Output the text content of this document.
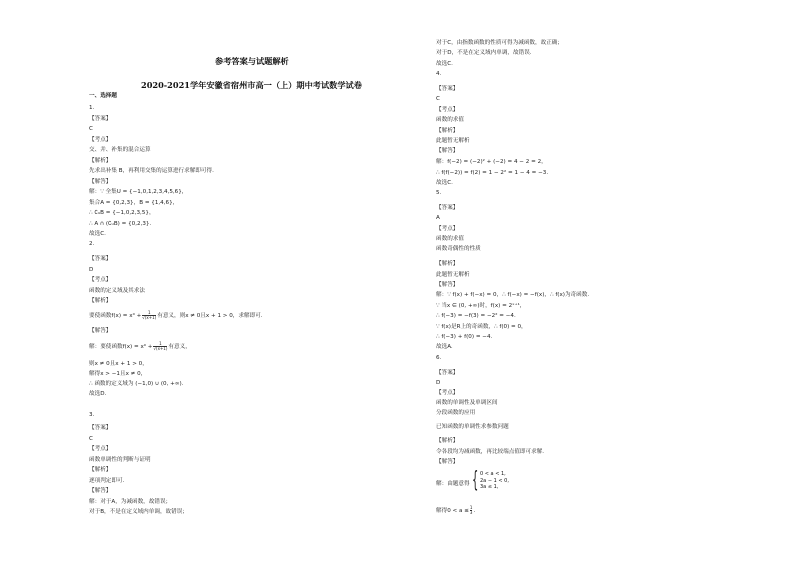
参考答案与试题解析
2020-2021学年安徽省宿州市高一（上）期中考试数学试卷
一、选择题
1.
【答案】
C
【考点】
交、并、补集的混合运算
【解析】
先求出补集 B，再利用交集的运算进行求解即可得.
【解答】
解：∵ 全集U = {−1,0,1,2,3,4,5,6}，
集合A = {0,2,3}，B = {1,4,6}，
∴ ∁ᵤB = {−1,0,2,3,5}，
∴ A ∩ (∁ᵤB) = {0,2,3}.
故选C.
2.
【答案】
D
【考点】
函数的定义域及其求法
【解析】
要使函数$f(x) = x^0 + \frac{1}{√(x+1)}$ 有意义，则x ≠ 0且x + 1 > 0，求解即可.
【解答】
解：要使函数$f(x) = x^0 + \frac{1}{√(x+1)}$ 有意义，
则x ≠ 0且x + 1 > 0，
解得x > −1且x ≠ 0，
∴ 函数的定义域为 (−1,0) ∪ (0, +∞).
故选D.
3.
【答案】
C
【考点】
函数单调性的判断与证明
【解析】
逐项判定即可.
【解答】
解：对于A，为减函数，故错误；
对于B，不是在定义域内单调，故错误；
对于C，由指数函数的性质可得为减函数，故正确；
对于D，不是在定义域内单调，故错误.
故选C.
4.
【答案】
C
【考点】
函数的求值
【解析】
此题暂无解析
【解答】
解：f(−2) = (−2)² + (−2) = 4 − 2 = 2，
∴ f(f(−2)) = f(2) = 1 − 2² = 1 − 4 = −3.
故选C.
5.
【答案】
A
【考点】
函数的求值
函数奇偶性的性质
【解析】
此题暂无解析
【解答】
解：∵ f(x) + f(−x) = 0，∴ f(−x) = −f(x)，∴ f(x)为奇函数.
∵ 当x ∈ (0, +∞)时，f(x) = 2ˣ⁺¹，
∴ f(−3) = −f(3) = −2² = −4.
∵ f(x)是R上的奇函数，∴ f(0) = 0，
∴ f(−3) + f(0) = −4.
故选A.
6.
【答案】
D
【考点】
函数的单调性及单调区间
分段函数的应用
已知函数的单调性求参数问题
【解析】
令各段均为减函数，再比较端点值即可求解.
【解答】
解：由题意得 { 0 < a < 1,
2a − 1 < 0,
3a ≤ 1,
解得$0 < a \le \frac{1}{3}$ .
